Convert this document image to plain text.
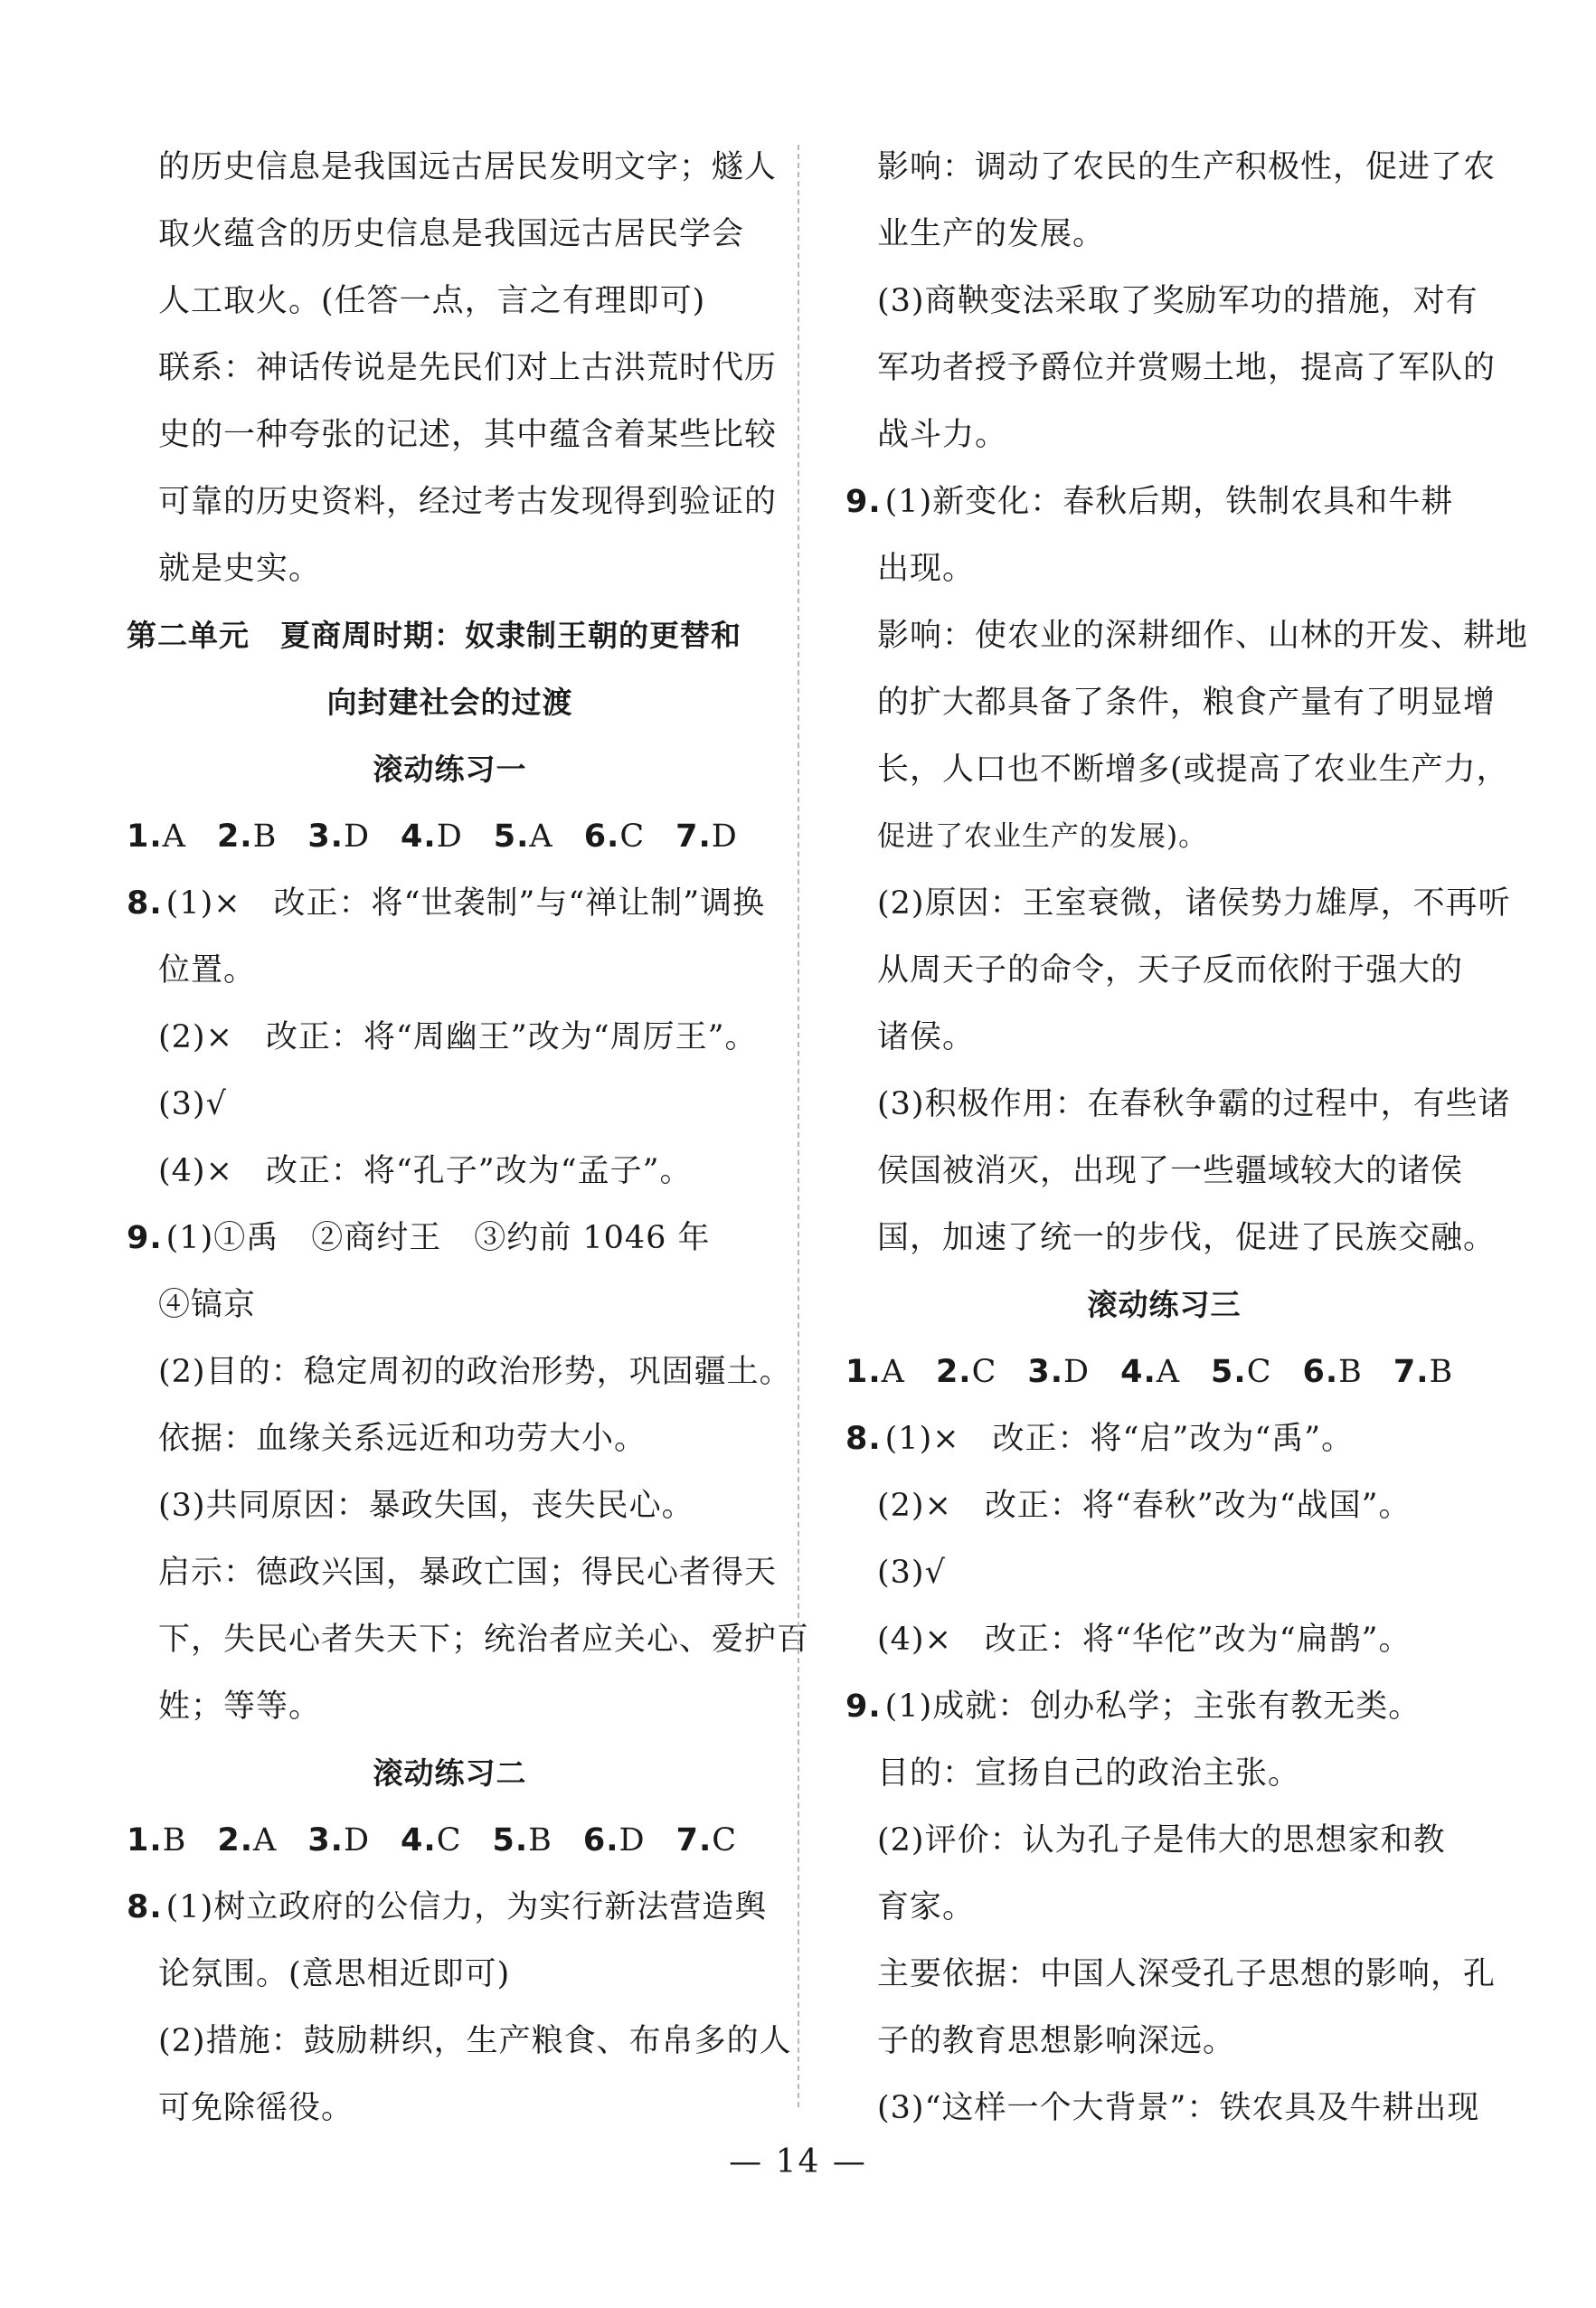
的历史信息是我国远古居民发明文字；燧人
取火蕴含的历史信息是我国远古居民学会
人工取火。(任答一点，言之有理即可)
联系：神话传说是先民们对上古洪荒时代历
史的一种夸张的记述，其中蕴含着某些比较
可靠的历史资料，经过考古发现得到验证的
就是史实。
第二单元　夏商周时期：奴隶制王朝的更替和
向封建社会的过渡
滚动练习一
1.A 2.B 3.D 4.D 5.A 6.C 7.D
8. (1)×　改正：将“世袭制”与“禅让制”调换
位置。
(2)×　改正：将“周幽王”改为“周厉王”。
(3)√
(4)×　改正：将“孔子”改为“孟子”。
9. (1)①禹　②商纣王　③约前 1046 年
④镐京
(2)目的：稳定周初的政治形势，巩固疆土。
依据：血缘关系远近和功劳大小。
(3)共同原因：暴政失国，丧失民心。
启示：德政兴国，暴政亡国；得民心者得天
下，失民心者失天下；统治者应关心、爱护百
姓；等等。
滚动练习二
1.B 2.A 3.D 4.C 5.B 6.D 7.C
8. (1)树立政府的公信力，为实行新法营造舆
论氛围。(意思相近即可)
(2)措施：鼓励耕织，生产粮食、布帛多的人
可免除徭役。
影响：调动了农民的生产积极性，促进了农
业生产的发展。
(3)商鞅变法采取了奖励军功的措施，对有
军功者授予爵位并赏赐土地，提高了军队的
战斗力。
9. (1)新变化：春秋后期，铁制农具和牛耕
出现。
影响：使农业的深耕细作、山林的开发、耕地
的扩大都具备了条件，粮食产量有了明显增
长，人口也不断增多(或提高了农业生产力，
促进了农业生产的发展)。
(2)原因：王室衰微，诸侯势力雄厚，不再听
从周天子的命令，天子反而依附于强大的
诸侯。
(3)积极作用：在春秋争霸的过程中，有些诸
侯国被消灭，出现了一些疆域较大的诸侯
国，加速了统一的步伐，促进了民族交融。
滚动练习三
1.A 2.C 3.D 4.A 5.C 6.B 7.B
8. (1)×　改正：将“启”改为“禹”。
(2)×　改正：将“春秋”改为“战国”。
(3)√
(4)×　改正：将“华佗”改为“扁鹊”。
9. (1)成就：创办私学；主张有教无类。
目的：宣扬自己的政治主张。
(2)评价：认为孔子是伟大的思想家和教
育家。
主要依据：中国人深受孔子思想的影响，孔
子的教育思想影响深远。
(3)“这样一个大背景”：铁农具及牛耕出现
— 14 —
